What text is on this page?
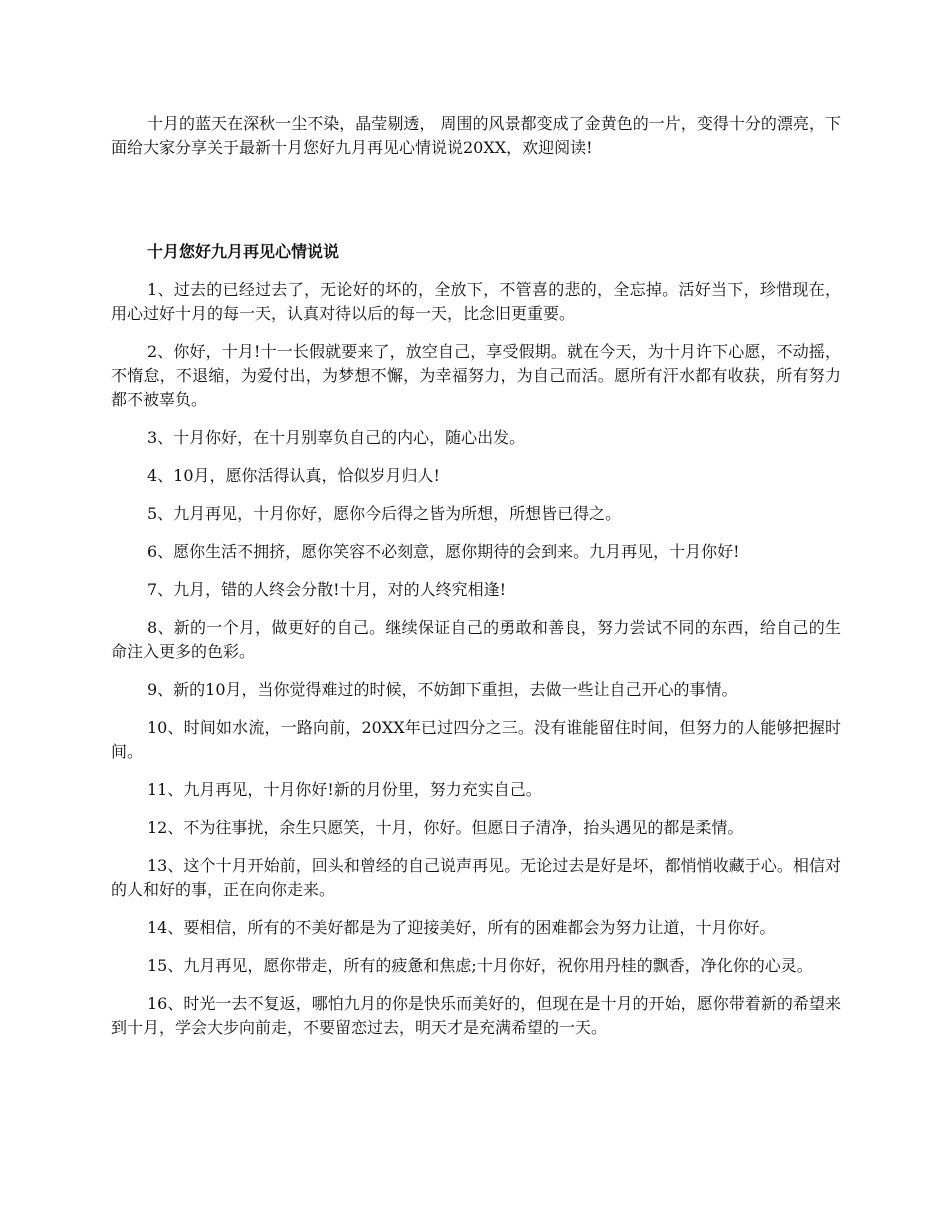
十月的蓝天在深秋一尘不染，晶莹剔透， 周围的风景都变成了金黄色的一片，变得十分的漂亮，下面给大家分享关于最新十月您好九月再见心情说说20XX，欢迎阅读!

十月您好九月再见心情说说

1、过去的已经过去了，无论好的坏的，全放下，不管喜的悲的，全忘掉。活好当下，珍惜现在，用心过好十月的每一天，认真对待以后的每一天，比念旧更重要。

2、你好，十月!十一长假就要来了，放空自己，享受假期。就在今天，为十月许下心愿，不动摇，不惰怠，不退缩，为爱付出，为梦想不懈，为幸福努力，为自己而活。愿所有汗水都有收获，所有努力都不被辜负。

3、十月你好，在十月别辜负自己的内心，随心出发。

4、10月，愿你活得认真，恰似岁月归人!

5、九月再见，十月你好，愿你今后得之皆为所想，所想皆已得之。

6、愿你生活不拥挤，愿你笑容不必刻意，愿你期待的会到来。九月再见，十月你好!

7、九月，错的人终会分散!十月，对的人终究相逢!

8、新的一个月，做更好的自己。继续保证自己的勇敢和善良，努力尝试不同的东西，给自己的生命注入更多的色彩。

9、新的10月，当你觉得难过的时候，不妨卸下重担，去做一些让自己开心的事情。

10、时间如水流，一路向前，20XX年已过四分之三。没有谁能留住时间，但努力的人能够把握时间。

11、九月再见，十月你好!新的月份里，努力充实自己。

12、不为往事扰，余生只愿笑，十月，你好。但愿日子清净，抬头遇见的都是柔情。

13、这个十月开始前，回头和曾经的自己说声再见。无论过去是好是坏，都悄悄收藏于心。相信对的人和好的事，正在向你走来。

14、要相信，所有的不美好都是为了迎接美好，所有的困难都会为努力让道，十月你好。

15、九月再见，愿你带走，所有的疲惫和焦虑;十月你好，祝你用丹桂的飘香，净化你的心灵。

16、时光一去不复返，哪怕九月的你是快乐而美好的，但现在是十月的开始，愿你带着新的希望来到十月，学会大步向前走，不要留恋过去，明天才是充满希望的一天。
